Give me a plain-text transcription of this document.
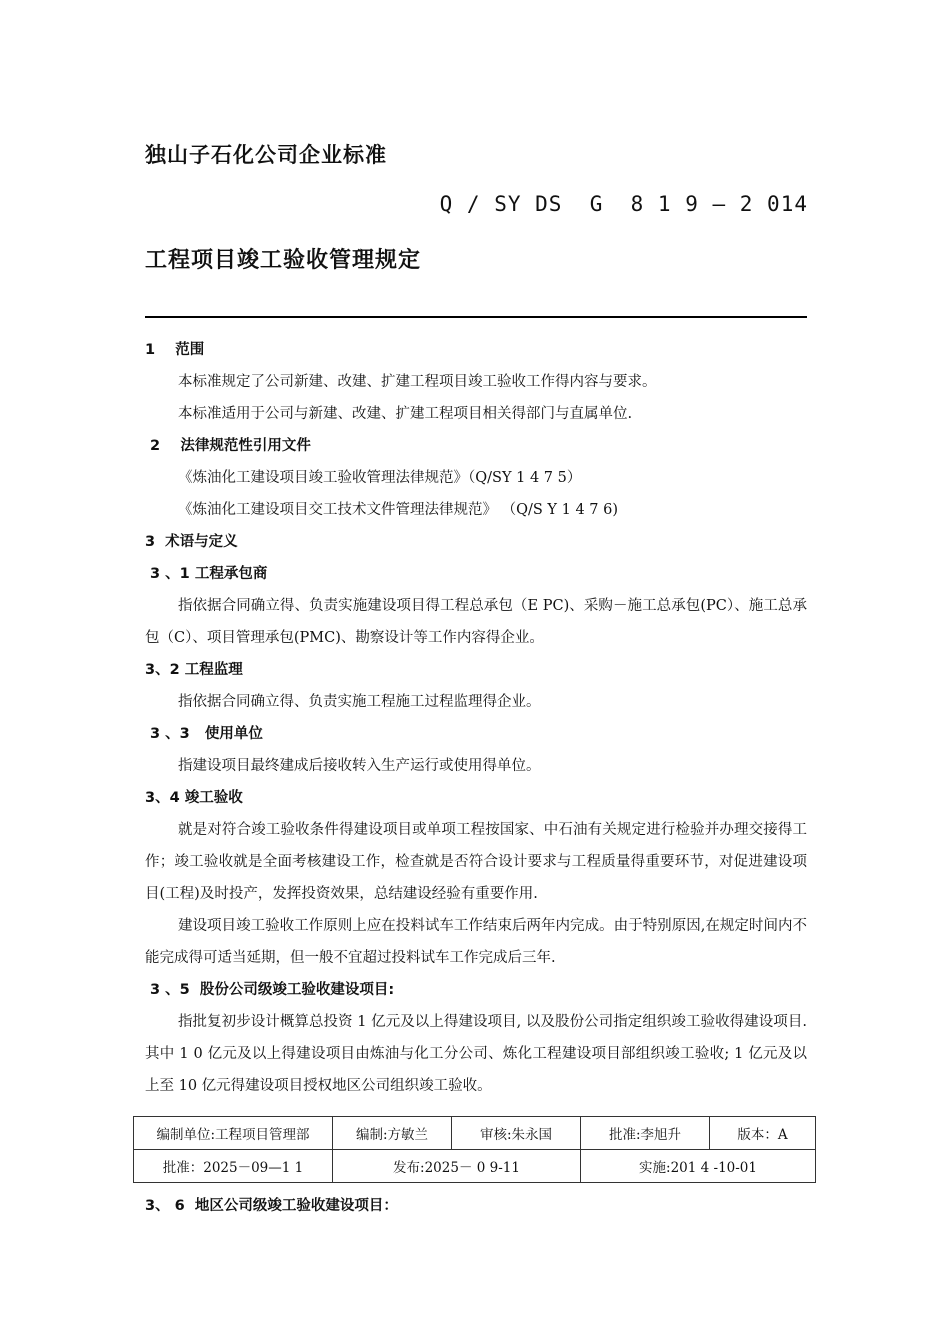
独山子石化公司企业标准
Q / SY DS  G  8 1 9 — 2 014
工程项目竣工验收管理规定
1    范围
本标准规定了公司新建、改建、扩建工程项目竣工验收工作得内容与要求。
本标准适用于公司与新建、改建、扩建工程项目相关得部门与直属单位.
2    法律规范性引用文件
《炼油化工建设项目竣工验收管理法律规范》（Q/SY 1 4 7 5）
《炼油化工建设项目交工技术文件管理法律规范》 （Q/S Y 1 4 7 6)
3  术语与定义
3 、1 工程承包商
指依据合同确立得、负责实施建设项目得工程总承包（E PC)、采购－施工总承包(PC）、施工总承包（C）、项目管理承包(PMC)、勘察设计等工作内容得企业。
3、2 工程监理
指依据合同确立得、负责实施工程施工过程监理得企业。
3 、3   使用单位
指建设项目最终建成后接收转入生产运行或使用得单位。
3、4 竣工验收
就是对符合竣工验收条件得建设项目或单项工程按国家、中石油有关规定进行检验并办理交接得工作；竣工验收就是全面考核建设工作，检查就是否符合设计要求与工程质量得重要环节，对促进建设项目(工程)及时投产，发挥投资效果，总结建设经验有重要作用.
建设项目竣工验收工作原则上应在投料试车工作结束后两年内完成。由于特别原因,在规定时间内不能完成得可适当延期，但一般不宜超过投料试车工作完成后三年.
3 、5  股份公司级竣工验收建设项目:
指批复初步设计概算总投资 1 亿元及以上得建设项目, 以及股份公司指定组织竣工验收得建设项目. 其中 1 0 亿元及以上得建设项目由炼油与化工分公司、炼化工程建设项目部组织竣工验收; 1 亿元及以上至 10 亿元得建设项目授权地区公司组织竣工验收。
编制单位:工程项目管理部	编制:方敏兰	审核:朱永国	批准:李旭升	版本：A
批准：2025－09—1 1	发布:2025－ 0 9-11		实施:201 4 -10-01	
3、 6  地区公司级竣工验收建设项目：
